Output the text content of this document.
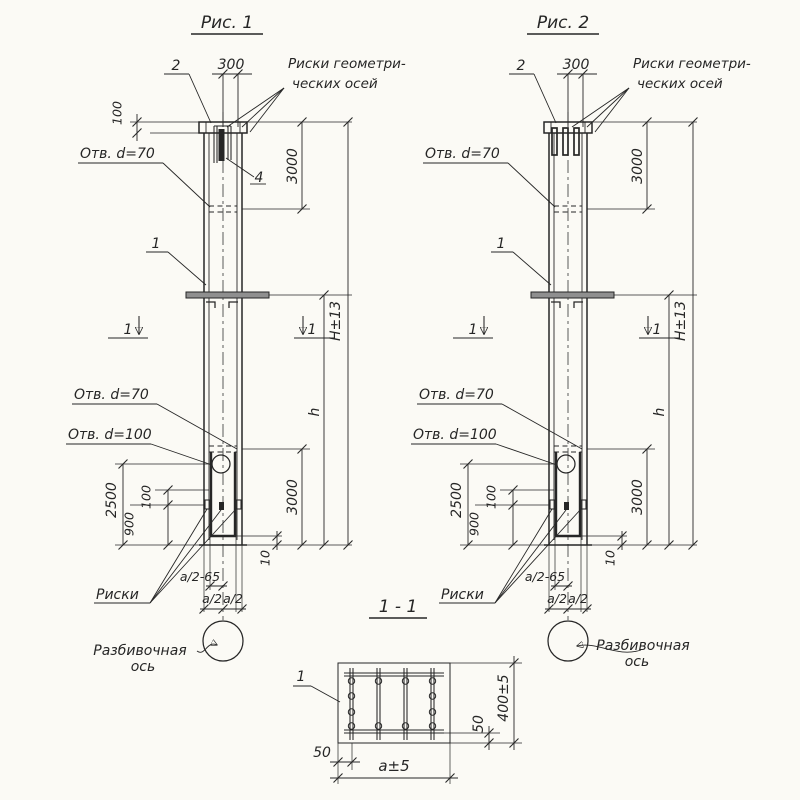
Рис. 1
2	300	Риски геометри-
ческих осей
100
Отв. d=70	3000
4
1
H±13
h
1	1
Отв. d=70
Отв. d=100
2500 100
900
3000
10
a/2-65
a/2 a/2
Риски
Разбивочная
ось
Рис. 2
2	300	Риски геометри-
ческих осей
Отв. d=70	3000
1
H±13
h
1	1
Отв. d=70
Отв. d=100
2500 100
900
3000
10
a/2-65
a/2 a/2
Риски
Разбивочная
ось
1 - 1
1
50
50
400±5
a±5
